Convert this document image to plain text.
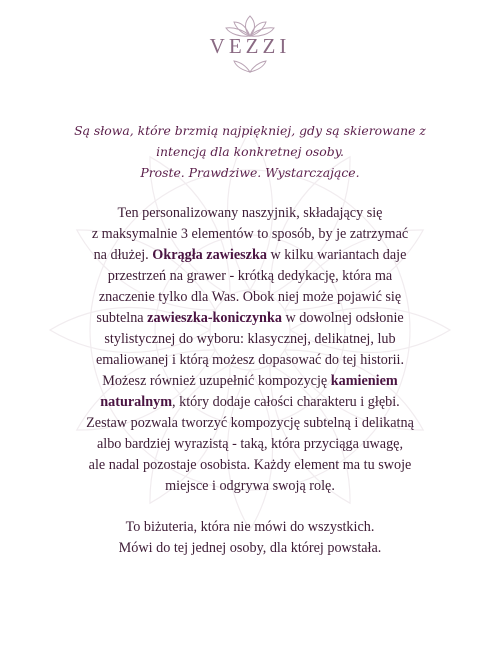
VEZZI

Są słowa, które brzmią najpiękniej, gdy są skierowane z
intencją dla konkretnej osoby.
Proste. Prawdziwe. Wystarczające.

Ten personalizowany naszyjnik, składający się
z maksymalnie 3 elementów to sposób, by je zatrzymać
na dłużej. Okrągła zawieszka w kilku wariantach daje
przestrzeń na grawer - krótką dedykację, która ma
znaczenie tylko dla Was. Obok niej może pojawić się
subtelna zawieszka-koniczynka w dowolnej odsłonie
stylistycznej do wyboru: klasycznej, delikatnej, lub
emaliowanej i którą możesz dopasować do tej historii.
Możesz również uzupełnić kompozycję kamieniem
naturalnym, który dodaje całości charakteru i głębi.
Zestaw pozwala tworzyć kompozycję subtelną i delikatną
albo bardziej wyrazistą - taką, która przyciąga uwagę,
ale nadal pozostaje osobista. Każdy element ma tu swoje
miejsce i odgrywa swoją rolę.

To biżuteria, która nie mówi do wszystkich.
Mówi do tej jednej osoby, dla której powstała.
